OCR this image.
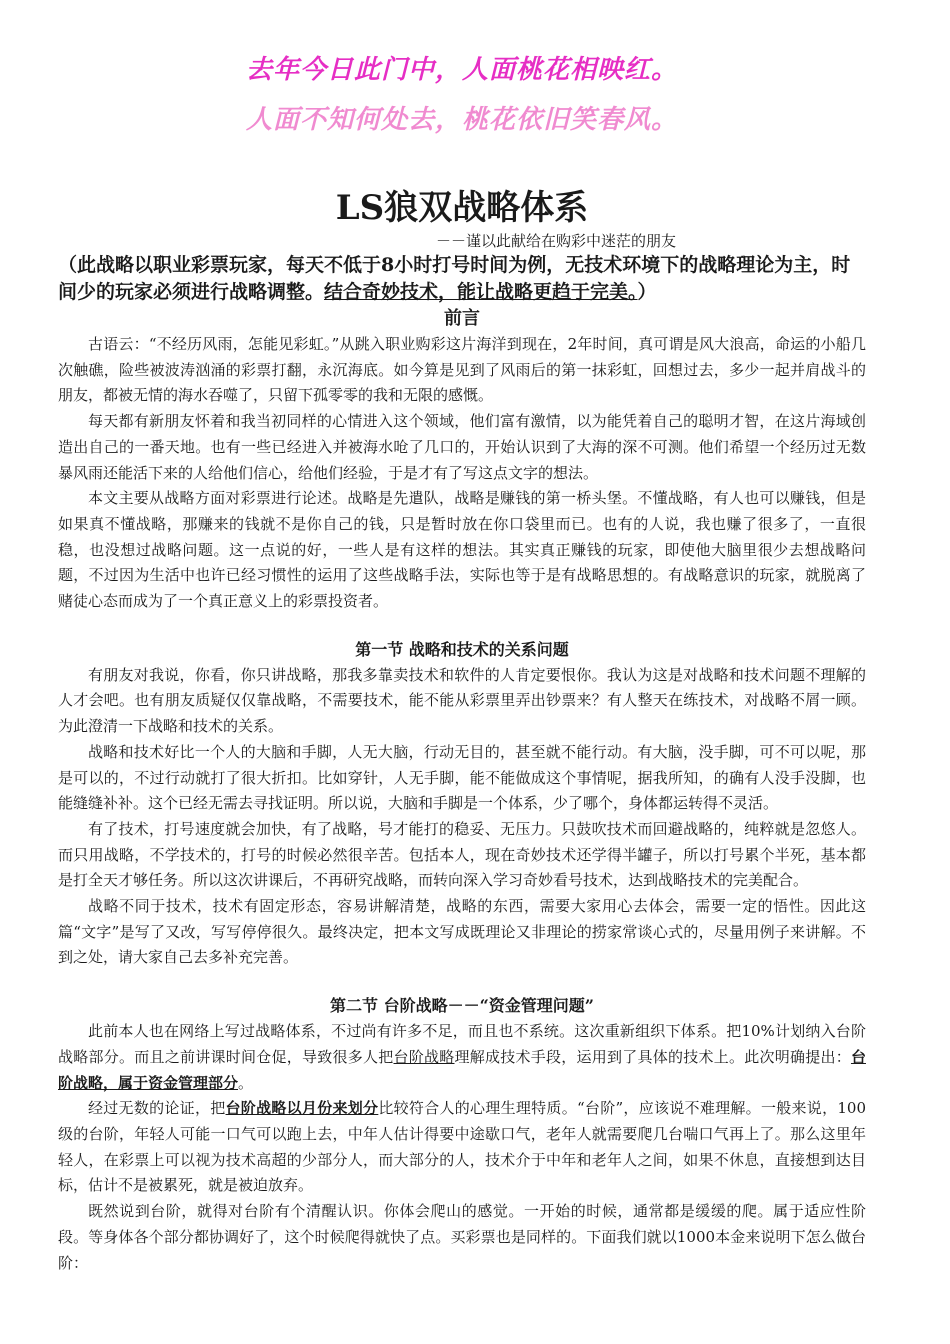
去年今日此门中，人面桃花相映红。
人面不知何处去，桃花依旧笑春风。
LS狼双战略体系
－－谨以此献给在购彩中迷茫的朋友
（此战略以职业彩票玩家，每天不低于8小时打号时间为例，无技术环境下的战略理论为主，时间少的玩家必须进行战略调整。结合奇妙技术，能让战略更趋于完美。）
前言

古语云：“不经历风雨，怎能见彩虹。”从跳入职业购彩这片海洋到现在，2年时间，真可谓是风大浪高，命运的小船几次触礁，险些被波涛汹涌的彩票打翻，永沉海底。如今算是见到了风雨后的第一抹彩虹，回想过去，多少一起并肩战斗的朋友，都被无情的海水吞噬了，只留下孤零零的我和无限的感慨。

每天都有新朋友怀着和我当初同样的心情进入这个领域，他们富有激情，以为能凭着自己的聪明才智，在这片海域创造出自己的一番天地。也有一些已经进入并被海水呛了几口的，开始认识到了大海的深不可测。他们希望一个经历过无数暴风雨还能活下来的人给他们信心，给他们经验，于是才有了写这点文字的想法。

本文主要从战略方面对彩票进行论述。战略是先遣队，战略是赚钱的第一桥头堡。不懂战略，有人也可以赚钱，但是如果真不懂战略，那赚来的钱就不是你自己的钱，只是暂时放在你口袋里而已。也有的人说，我也赚了很多了，一直很稳，也没想过战略问题。这一点说的好，一些人是有这样的想法。其实真正赚钱的玩家，即使他大脑里很少去想战略问题，不过因为生活中也许已经习惯性的运用了这些战略手法，实际也等于是有战略思想的。有战略意识的玩家，就脱离了赌徒心态而成为了一个真正意义上的彩票投资者。

第一节 战略和技术的关系问题

有朋友对我说，你看，你只讲战略，那我多靠卖技术和软件的人肯定要恨你。我认为这是对战略和技术问题不理解的人才会吧。也有朋友质疑仅仅靠战略，不需要技术，能不能从彩票里弄出钞票来？有人整天在练技术，对战略不屑一顾。为此澄清一下战略和技术的关系。

战略和技术好比一个人的大脑和手脚，人无大脑，行动无目的，甚至就不能行动。有大脑，没手脚，可不可以呢，那是可以的，不过行动就打了很大折扣。比如穿针，人无手脚，能不能做成这个事情呢，据我所知，的确有人没手没脚，也能缝缝补补。这个已经无需去寻找证明。所以说，大脑和手脚是一个体系，少了哪个，身体都运转得不灵活。

有了技术，打号速度就会加快，有了战略，号才能打的稳妥、无压力。只鼓吹技术而回避战略的，纯粹就是忽悠人。而只用战略，不学技术的，打号的时候必然很辛苦。包括本人，现在奇妙技术还学得半罐子，所以打号累个半死，基本都是打全天才够任务。所以这次讲课后，不再研究战略，而转向深入学习奇妙看号技术，达到战略技术的完美配合。

战略不同于技术，技术有固定形态，容易讲解清楚，战略的东西，需要大家用心去体会，需要一定的悟性。因此这篇“文字”是写了又改，写写停停很久。最终决定，把本文写成既理论又非理论的捞家常谈心式的，尽量用例子来讲解。不到之处，请大家自己去多补充完善。

第二节 台阶战略－－“资金管理问题”

此前本人也在网络上写过战略体系，不过尚有许多不足，而且也不系统。这次重新组织下体系。把10%计划纳入台阶战略部分。而且之前讲课时间仓促，导致很多人把台阶战略理解成技术手段，运用到了具体的技术上。此次明确提出：台阶战略，属于资金管理部分。

经过无数的论证，把台阶战略以月份来划分比较符合人的心理生理特质。“台阶”，应该说不难理解。一般来说，100级的台阶，年轻人可能一口气可以跑上去，中年人估计得要中途歇口气，老年人就需要爬几台喘口气再上了。那么这里年轻人，在彩票上可以视为技术高超的少部分人，而大部分的人，技术介于中年和老年人之间，如果不休息，直接想到达目标，估计不是被累死，就是被迫放弃。

既然说到台阶，就得对台阶有个清醒认识。你体会爬山的感觉。一开始的时候，通常都是缓缓的爬。属于适应性阶段。等身体各个部分都协调好了，这个时候爬得就快了点。买彩票也是同样的。下面我们就以1000本金来说明下怎么做台阶：
